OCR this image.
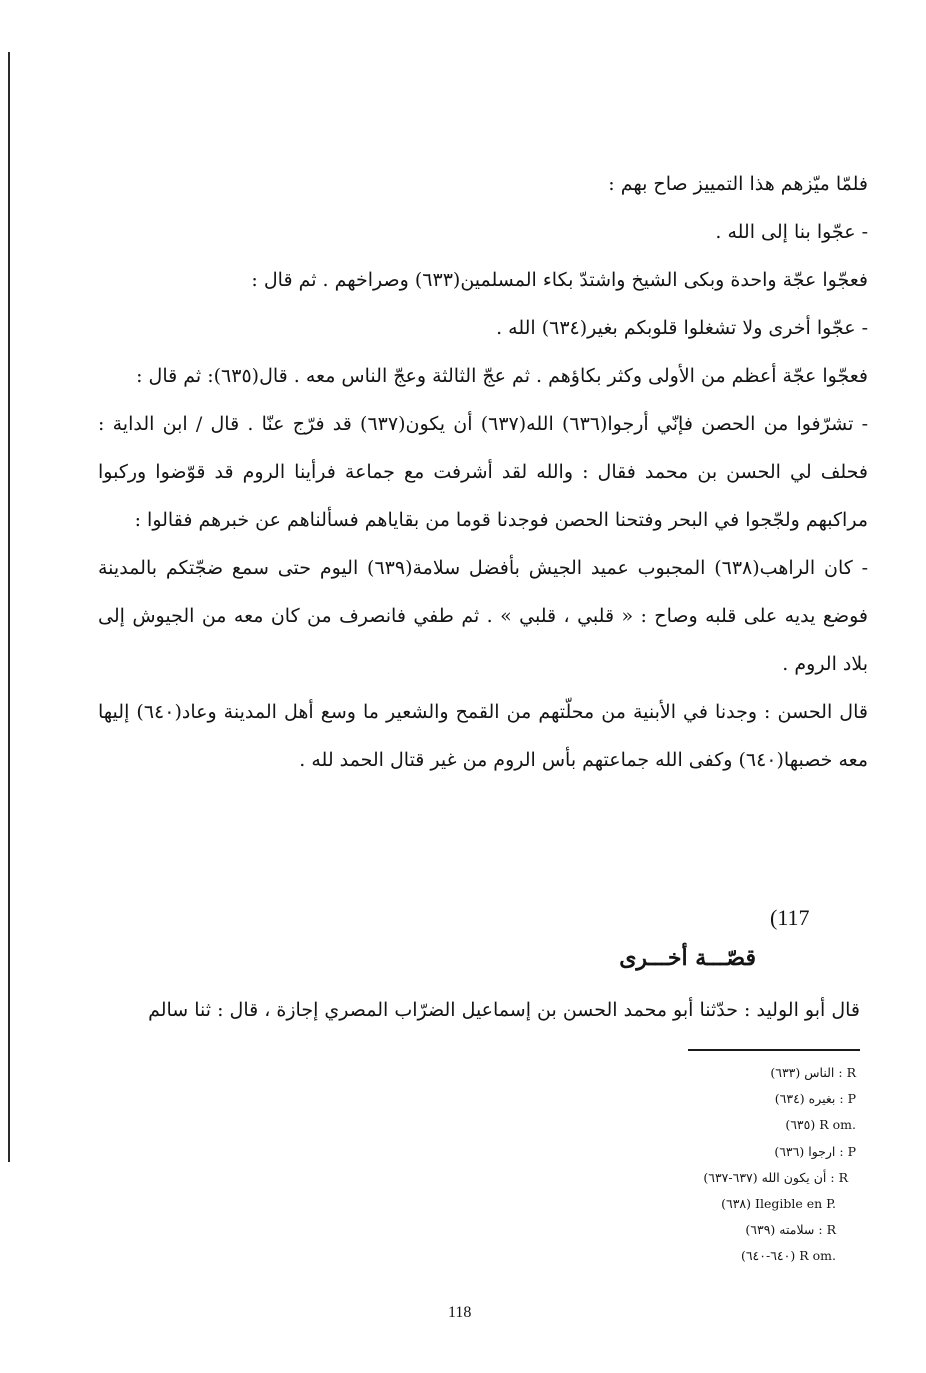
فلمّا ميّزهم هذا التمييز صاح بهم :

- عجّوا بنا إلى الله .

فعجّوا عجّة واحدة وبكى الشيخ واشتدّ بكاء المسلمين(٦٣٣) وصراخهم . ثم قال :

- عجّوا أخرى ولا تشغلوا قلوبكم بغير(٦٣٤) الله .

فعجّوا عجّة أعظم من الأولى وكثر بكاؤهم . ثم عجّ الثالثة وعجّ الناس معه . قال(٦٣٥): ثم قال :

- تشرّفوا من الحصن فإنّي أرجوا(٦٣٦) الله(٦٣٧) أن يكون(٦٣٧) قد فرّج عنّا . قال / ابن الداية : فحلف لي الحسن بن محمد فقال : والله لقد أشرفت مع جماعة فرأينا الروم قد قوّضوا وركبوا مراكبهم ولجّجوا في البحر وفتحنا الحصن فوجدنا قوما من بقاياهم فسألناهم عن خبرهم فقالوا :

- كان الراهب(٦٣٨) المجبوب عميد الجيش بأفضل سلامة(٦٣٩) اليوم حتى سمع ضجّتكم بالمدينة فوضع يديه على قلبه وصاح : « قلبي ، قلبي » . ثم طفي فانصرف من كان معه من الجيوش إلى بلاد الروم .

قال الحسن : وجدنا في الأبنية من محلّتهم من القمح والشعير ما وسع أهل المدينة وعاد(٦٤٠) إليها معه خصبها(٦٤٠) وكفى الله جماعتهم بأس الروم من غير قتال الحمد لله .

(117
قصّـــة أخـــرى

قال أبو الوليد : حدّثنا أبو محمد الحسن بن إسماعيل الضرّاب المصري إجازة ، قال : ثنا سالم

(٦٣٣) الناس : R
(٦٣٤) بغيره : P
(٦٣٥) R om.
(٦٣٦) ارجوا : P
(٦٣٧-٦٣٧) أن يكون الله : R
(٦٣٨) Ilegible en P.
(٦٣٩) سلامته : R
(٦٤٠-٦٤٠) R om.
118
